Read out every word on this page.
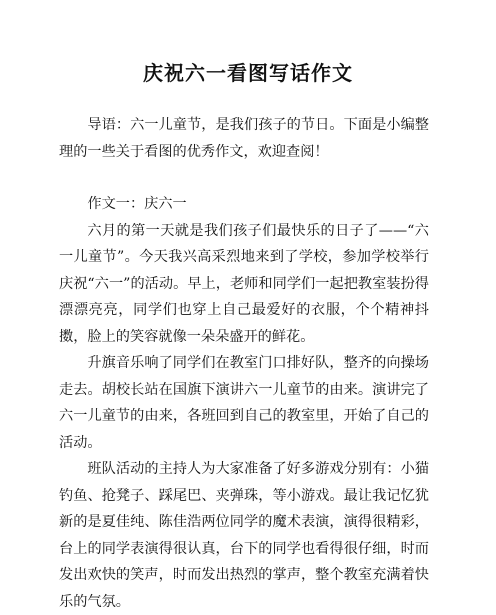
庆祝六一看图写话作文

导语：六一儿童节，是我们孩子的节日。下面是小编整理的一些关于看图的优秀作文，欢迎查阅！

作文一：庆六一

六月的第一天就是我们孩子们最快乐的日子了——“六一儿童节”。今天我兴高采烈地来到了学校，参加学校举行庆祝“六一”的活动。早上，老师和同学们一起把教室装扮得漂漂亮亮，同学们也穿上自己最爱好的衣服，个个精神抖擞，脸上的笑容就像一朵朵盛开的鲜花。

升旗音乐响了同学们在教室门口排好队，整齐的向操场走去。胡校长站在国旗下演讲六一儿童节的由来。演讲完了六一儿童节的由来，各班回到自己的教室里，开始了自己的活动。

班队活动的主持人为大家准备了好多游戏分别有：小猫钓鱼、抢凳子、踩尾巴、夹弹珠，等小游戏。最让我记忆犹新的是夏佳纯、陈佳浩两位同学的魔术表演，演得很精彩，台上的同学表演得很认真，台下的同学也看得很仔细，时而发出欢快的笑声，时而发出热烈的掌声，整个教室充满着快乐的气氛。
